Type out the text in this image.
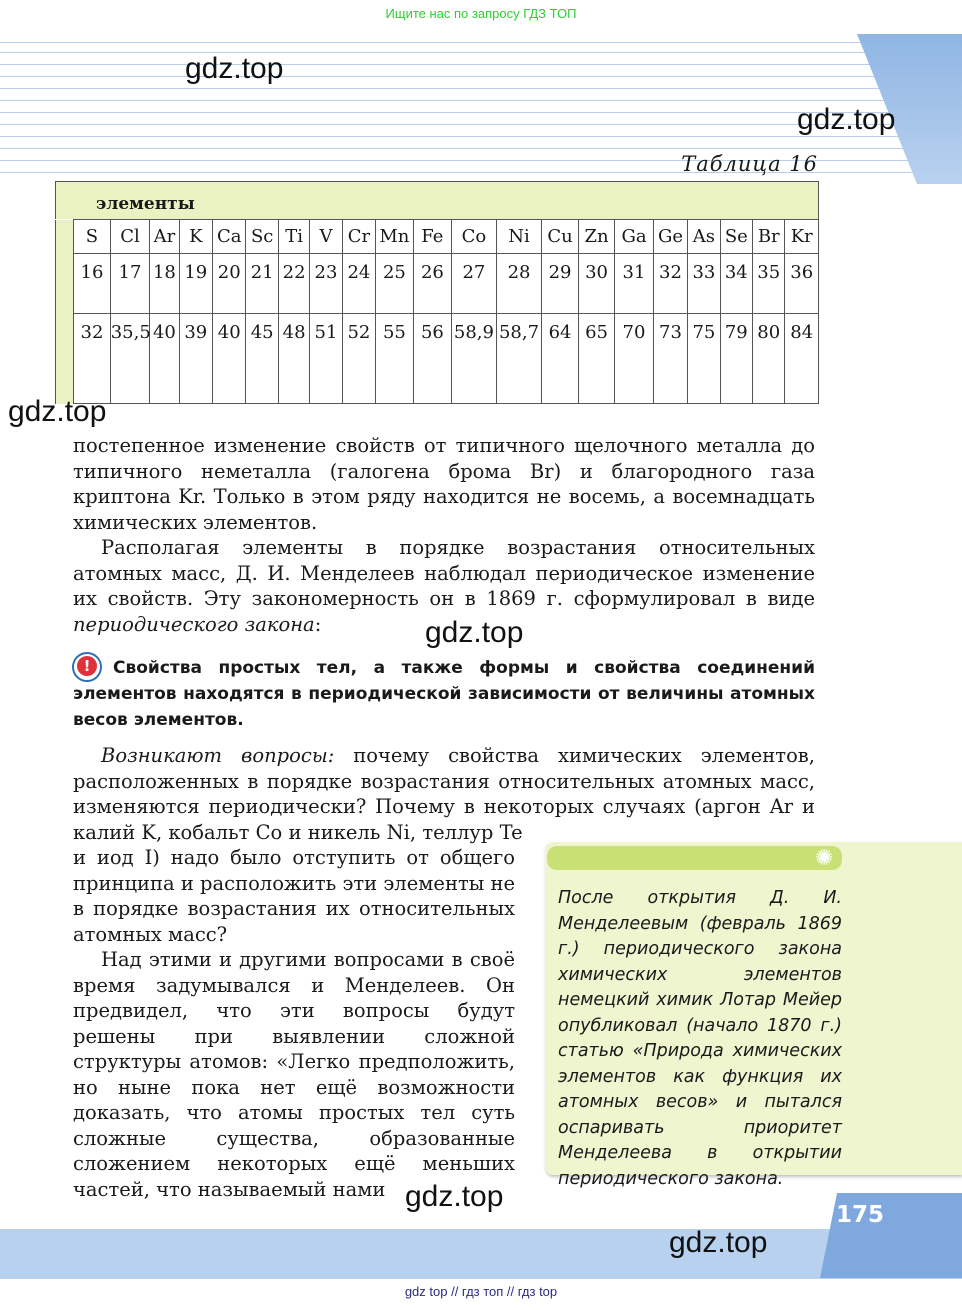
Ищите нас по запросу ГДЗ ТОП
gdz.top
gdz.top
Таблица 16
элементы
	S	Cl	Ar	K	Ca	Sc	Ti	V	Cr	Mn	Fe	Co	Ni	Cu	Zn	Ga	Ge	As	Se	Br	Kr
	16	17	18	19	20	21	22	23	24	25	26	27	28	29	30	31	32	33	34	35	36
	32	35,5	40	39	40	45	48	51	52	55	56	58,9	58,7	64	65	70	73	75	79	80	84
gdz.top

постепенное изменение свойств от типичного щелочного металла до типичного неметалла (галогена брома Br) и благородного газа криптона Kr. Только в этом ряду находится не восемь, а восемнадцать химических элементов.

Располагая элементы в порядке возрастания относительных атомных масс, Д. И. Менделеев наблюдал периодическое изменение их свойств. Эту закономерность он в 1869 г. сформулировал в виде периодического закона:	gdz.top
!	Свойства простых тел, а также формы и свойства соединений элементов находятся в периодической зависимости от величины атомных весов элементов.

Возникают вопросы: почему свойства химических элементов, расположенных в порядке возрастания относительных атомных масс, изменяются периодически? Почему в некоторых случаях (аргон Ar и калий K, кобальт Co и никель Ni, теллур Te

и иод I) надо было отступить от общего принципа и расположить эти элементы не в порядке возрастания их относительных атомных масс?

Над этими и другими вопросами в своё время задумывался и Менделеев. Он предвидел, что эти вопросы будут решены при выявлении сложной структуры атомов: «Легко предположить, но ныне пока нет ещё возможности доказать, что атомы простых тел суть сложные существа, образованные сложением некоторых ещё меньших частей, что называемый нами

✺
После открытия Д. И. Менделеевым (февраль 1869 г.) периодического закона химических элементов немецкий химик Лотар Мейер опубликовал (начало 1870 г.) статью «Природа химических элементов как функция их атомных весов» и пытался оспаривать приоритет Менделеева в открытии периодического закона.
gdz.top
175
gdz.top
gdz top // гдз топ // гдз top
